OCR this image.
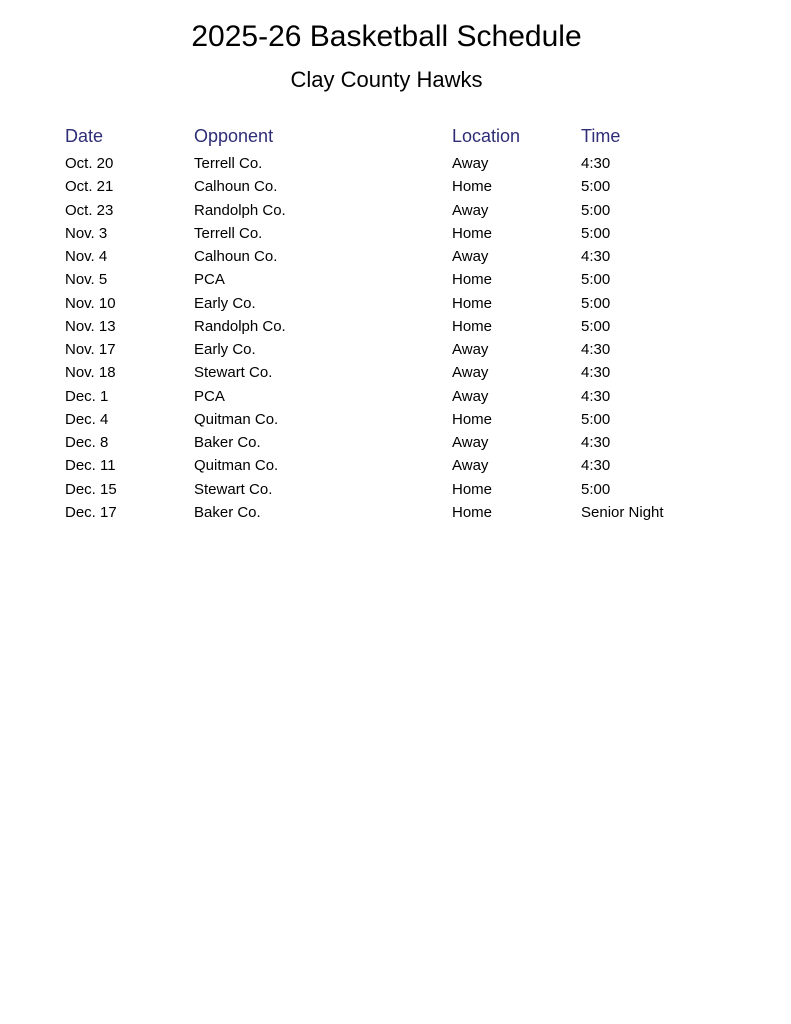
2025-26 Basketball Schedule
Clay County Hawks
Date	Opponent	Location	Time
Oct. 20	Terrell Co.	Away	4:30
Oct. 21	Calhoun Co.	Home	5:00
Oct. 23	Randolph Co.	Away	5:00
Nov. 3	Terrell Co.	Home	5:00
Nov. 4	Calhoun Co.	Away	4:30
Nov. 5	PCA	Home	5:00
Nov. 10	Early Co.	Home	5:00
Nov. 13	Randolph Co.	Home	5:00
Nov. 17	Early Co.	Away	4:30
Nov. 18	Stewart Co.	Away	4:30
Dec. 1	PCA	Away	4:30
Dec. 4	Quitman Co.	Home	5:00
Dec. 8	Baker Co.	Away	4:30
Dec. 11	Quitman Co.	Away	4:30
Dec. 15	Stewart Co.	Home	5:00
Dec. 17	Baker Co.	Home	Senior Night
